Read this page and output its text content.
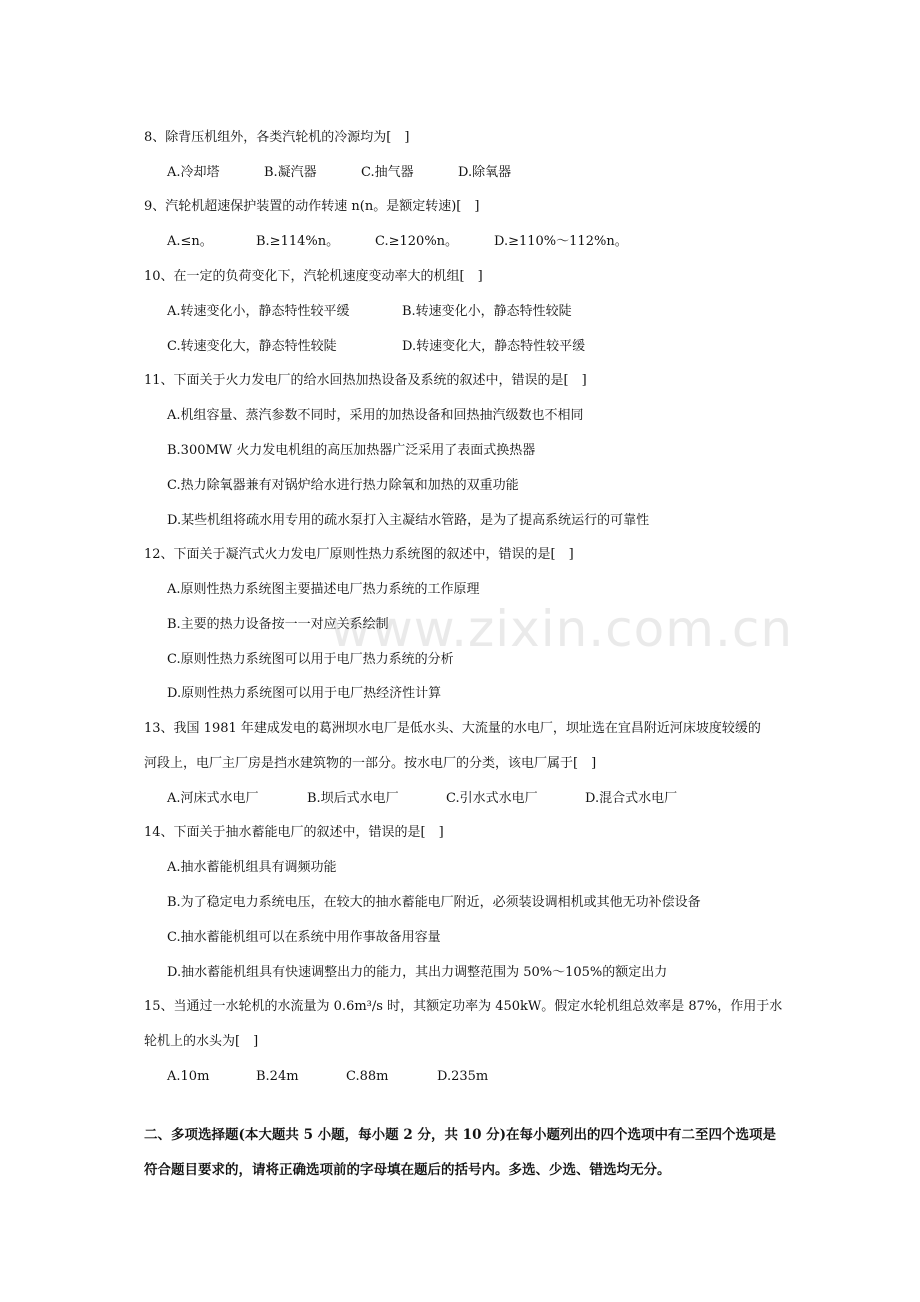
www.zixin.com.cn
8、除背压机组外，各类汽轮机的冷源均为[　]
A.冷却塔	B.凝汽器	C.抽气器	D.除氧器
9、汽轮机超速保护装置的动作转速 n(n。是额定转速)[　]
A.≤n。	B.≥114%n。	C.≥120%n。	D.≥110%～112%n。
10、在一定的负荷变化下，汽轮机速度变动率大的机组[　]
A.转速变化小，静态特性较平缓	B.转速变化小，静态特性较陡
C.转速变化大，静态特性较陡	D.转速变化大，静态特性较平缓
11、下面关于火力发电厂的给水回热加热设备及系统的叙述中，错误的是[　]
A.机组容量、蒸汽参数不同时，采用的加热设备和回热抽汽级数也不相同
B.300MW 火力发电机组的高压加热器广泛采用了表面式换热器
C.热力除氧器兼有对锅炉给水进行热力除氧和加热的双重功能
D.某些机组将疏水用专用的疏水泵打入主凝结水管路，是为了提高系统运行的可靠性
12、下面关于凝汽式火力发电厂原则性热力系统图的叙述中，错误的是[　]
A.原则性热力系统图主要描述电厂热力系统的工作原理
B.主要的热力设备按一一对应关系绘制
C.原则性热力系统图可以用于电厂热力系统的分析
D.原则性热力系统图可以用于电厂热经济性计算
13、我国 1981 年建成发电的葛洲坝水电厂是低水头、大流量的水电厂，坝址选在宜昌附近河床坡度较缓的
河段上，电厂主厂房是挡水建筑物的一部分。按水电厂的分类，该电厂属于[　]
A.河床式水电厂	B.坝后式水电厂	C.引水式水电厂	D.混合式水电厂
14、下面关于抽水蓄能电厂的叙述中，错误的是[　]
A.抽水蓄能机组具有调频功能
B.为了稳定电力系统电压，在较大的抽水蓄能电厂附近，必须装设调相机或其他无功补偿设备
C.抽水蓄能机组可以在系统中用作事故备用容量
D.抽水蓄能机组具有快速调整出力的能力，其出力调整范围为 50%～105%的额定出力
15、当通过一水轮机的水流量为 0.6m³/s 时，其额定功率为 450kW。假定水轮机组总效率是 87%，作用于水
轮机上的水头为[　]
A.10m	B.24m	C.88m	D.235m
二、多项选择题(本大题共 5 小题，每小题 2 分，共 10 分)在每小题列出的四个选项中有二至四个选项是
符合题目要求的，请将正确选项前的字母填在题后的括号内。多选、少选、错选均无分。
